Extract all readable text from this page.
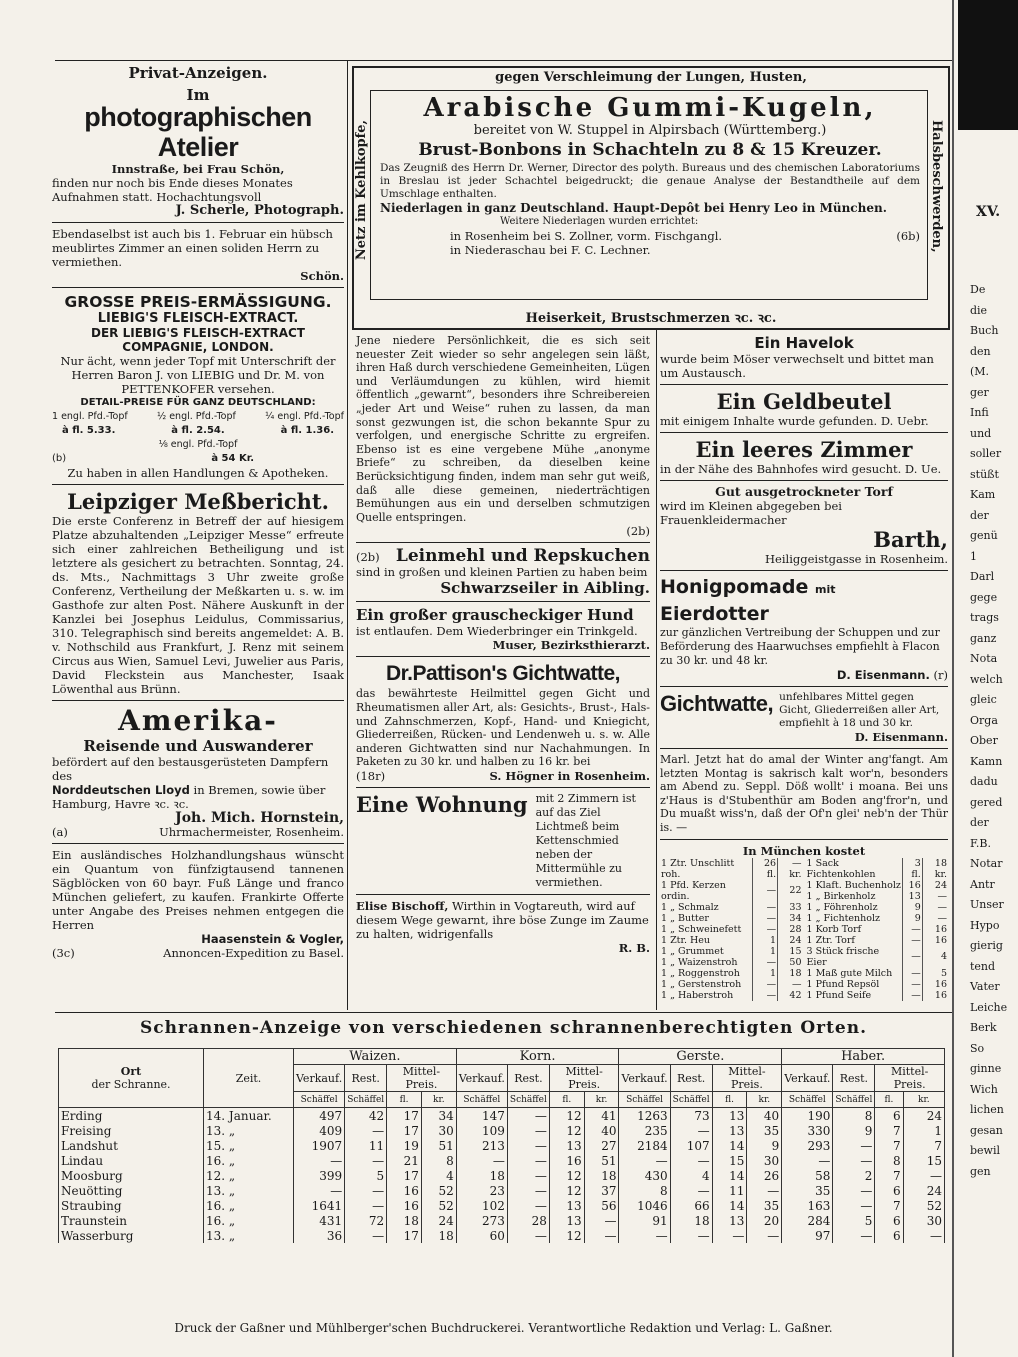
Privat-Anzeigen.

Im

photographischen Atelier

Innstraße, bei Frau Schön,

finden nur noch bis Ende dieses Monates Aufnahmen statt. Hochachtungsvoll

J. Scherle, Photograph.

Ebendaselbst ist auch bis 1. Februar ein hübsch meublirtes Zimmer an einen soliden Herrn zu vermiethen.

Schön.

GROSSE PREIS-ERMÄSSIGUNG.

LIEBIG'S FLEISCH-EXTRACT.

DER LIEBIG'S FLEISCH-EXTRACT

COMPAGNIE, LONDON.

Nur ächt, wenn jeder Topf mit Unterschrift der Herren Baron J. von LIEBIG und Dr. M. von PETTENKOFER versehen.

DETAIL-PREISE FÜR GANZ DEUTSCHLAND:

1 engl. Pfd.-Topf	½ engl. Pfd.-Topf	¼ engl. Pfd.-Topf
à fl. 5.33.	à fl. 2.54.	à fl. 1.36.

⅛ engl. Pfd.-Topf

(b)	à 54 Kr.

Zu haben in allen Handlungen & Apotheken.

Leipziger Meßbericht.

Die erste Conferenz in Betreff der auf hiesigem Platze abzuhaltenden „Leipziger Messe“ erfreute sich einer zahlreichen Betheiligung und ist letztere als gesichert zu betrachten. Sonntag, 24. ds. Mts., Nachmittags 3 Uhr zweite große Conferenz, Vertheilung der Meßkarten u. s. w. im Gasthofe zur alten Post. Nähere Auskunft in der Kanzlei bei Josephus Leidulus, Commissarius, 310. Telegraphisch sind bereits angemeldet: A. B. v. Nothschild aus Frankfurt, J. Renz mit seinem Circus aus Wien, Samuel Levi, Juwelier aus Paris, David Fleckstein aus Manchester, Isaak Löwenthal aus Brünn.

Amerika-

Reisende und Auswanderer

befördert auf den bestausgerüsteten Dampfern des

Norddeutschen Lloyd in Bremen, sowie über Hamburg, Havre ꝛc. ꝛc.

Joh. Mich. Hornstein,

(a)	Uhrmachermeister, Rosenheim.

Ein ausländisches Holzhandlungshaus wünscht ein Quantum von fünfzigtausend tannenen Sägblöcken von 60 bayr. Fuß Länge und franco München geliefert, zu kaufen. Frankirte Offerte unter Angabe des Preises nehmen entgegen die Herren

Haasenstein & Vogler,

(3c)	Annoncen-Expedition zu Basel.

gegen Verschleimung der Lungen, Husten,

Netz im Kehlkopfe,	Halsbeschwerden,

Arabische Gummi-Kugeln,

bereitet von W. Stuppel in Alpirsbach (Württemberg.)

Brust-Bonbons in Schachteln zu 8 & 15 Kreuzer.

Das Zeugniß des Herrn Dr. Werner, Director des polyth. Bureaus und des chemischen Laboratoriums in Breslau ist jeder Schachtel beigedruckt; die genaue Analyse der Bestandtheile auf dem Umschlage enthalten.

Niederlagen in ganz Deutschland. Haupt-Depôt bei Henry Leo in München.

Weitere Niederlagen wurden errichtet:

in Rosenheim bei S. Zollner, vorm. Fischgangl.	(6b)

in Niederaschau bei F. C. Lechner.

Heiserkeit, Brustschmerzen ꝛc. ꝛc.

Jene niedere Persönlichkeit, die es sich seit neuester Zeit wieder so sehr angelegen sein läßt, ihren Haß durch verschiedene Gemeinheiten, Lügen und Verläumdungen zu kühlen, wird hiemit öffentlich „gewarnt“, besonders ihre Schreibereien „jeder Art und Weise“ ruhen zu lassen, da man sonst gezwungen ist, die schon bekannte Spur zu verfolgen, und energische Schritte zu ergreifen. Ebenso ist es eine vergebene Mühe „anonyme Briefe“ zu schreiben, da dieselben keine Berücksichtigung finden, indem man sehr gut weiß, daß alle diese gemeinen, niederträchtigen Bemühungen aus ein und derselben schmutzigen Quelle entspringen.

(2b)

(2b) Leinmehl und Repskuchen

sind in großen und kleinen Partien zu haben beim

Schwarzseiler in Aibling.

Ein großer grauscheckiger Hund

ist entlaufen. Dem Wiederbringer ein Trinkgeld.

Muser, Bezirksthierarzt.

Dr.Pattison's Gichtwatte,

das bewährteste Heilmittel gegen Gicht und Rheumatismen aller Art, als: Gesichts-, Brust-, Hals- und Zahnschmerzen, Kopf-, Hand- und Kniegicht, Gliederreißen, Rücken- und Lendenweh u. s. w. Alle anderen Gichtwatten sind nur Nachahmungen. In Paketen zu 30 kr. und halben zu 16 kr. bei

(18r)	S. Högner in Rosenheim.
Eine Wohnung mit 2 Zimmern ist auf das Ziel Lichtmeß beim Kettenschmied neben der Mittermühle zu vermiethen.

Elise Bischoff, Wirthin in Vogtareuth, wird auf diesem Wege gewarnt, ihre böse Zunge im Zaume zu halten, widrigenfalls

R. B.

Ein Havelok

wurde beim Möser verwechselt und bittet man um Austausch.

Ein Geldbeutel

mit einigem Inhalte wurde gefunden. D. Uebr.

Ein leeres Zimmer

in der Nähe des Bahnhofes wird gesucht. D. Ue.

Gut ausgetrockneter Torf

wird im Kleinen abgegeben bei Frauenkleidermacher

Barth,

Heiliggeistgasse in Rosenheim.

Honigpomade mit Eierdotter

zur gänzlichen Vertreibung der Schuppen und zur Beförderung des Haarwuchses empfiehlt à Flacon zu 30 kr. und 48 kr.

D. Eisenmann. (r)
Gichtwatte, unfehlbares Mittel gegen Gicht, Gliederreißen aller Art, empfiehlt à 18 und 30 kr.

D. Eisenmann.

Marl. Jetzt hat do amal der Winter ang'fangt. Am letzten Montag is sakrisch kalt wor'n, besonders am Abend zu. Seppl. Döß wollt' i moana. Bei uns z'Haus is d'Stubenthür am Boden ang'fror'n, und Du muaßt wiss'n, daß der Of'n glei' neb'n der Thür is. —

In München kostet

1 Ztr. Unschlitt roh.	26 fl.	— kr.
1 Pfd. Kerzen ordin.	—	22
1 „ Schmalz	—	33
1 „ Butter	—	34
1 „ Schweinefett	—	28
1 Ztr. Heu	1	24
1 „ Grummet	1	15
1 „ Waizenstroh	—	50
1 „ Roggenstroh	1	18
1 „ Gerstenstroh	—	—
1 „ Haberstroh	—	42
1 Sack Fichtenkohlen	3 fl.	18 kr.
1 Klaft. Buchenholz	16	24
1 „ Birkenholz	13	—
1 „ Föhrenholz	9	—
1 „ Fichtenholz	9	—
1 Korb Torf	—	16
1 Ztr. Torf	—	16
3 Stück frische Eier	—	4
1 Maß gute Milch	—	5
1 Pfund Repsöl	—	16
1 Pfund Seife	—	16

XV.

De

die

Buch

den

(M.

ger

Infi

und

soller

stüßt

Kam

der

genü

1

Darl

gege

trags

ganz

Nota

welch

gleic

Orga

Ober

Kamn

dadu

gered

der

F.B.

Notar

Antr

Unser

Hypo

gierig

tend

Vater

Leiche

Berk

So

ginne

Wich

lichen

gesan

bewil

gen

Schrannen-Anzeige von verschiedenen schrannenberechtigten Orten.

Ort
der Schranne.	Zeit.	Waizen.				Korn.				Gerste.				Haber.			
		Verkauf.	Rest.	Mittel-Preis.		Verkauf.	Rest.	Mittel-Preis.		Verkauf.	Rest.	Mittel-Preis.		Verkauf.	Rest.	Mittel-Preis.	
		Schäffel	Schäffel	fl.	kr.	Schäffel	Schäffel	fl.	kr.	Schäffel	Schäffel	fl.	kr.	Schäffel	Schäffel	fl.	kr.
Erding	14. Januar.	497	42	17	34	147	—	12	41	1263	73	13	40	190	8	6	24
Freising	13. „	409	—	17	30	109	—	12	40	235	—	13	35	330	9	7	1
Landshut	15. „	1907	11	19	51	213	—	13	27	2184	107	14	9	293	—	7	7
Lindau	16. „	—	—	21	8	—	—	16	51	—	—	15	30	—	—	8	15
Moosburg	12. „	399	5	17	4	18	—	12	18	430	4	14	26	58	2	7	—
Neuötting	13. „	—	—	16	52	23	—	12	37	8	—	11	—	35	—	6	24
Straubing	16. „	1641	—	16	52	102	—	13	56	1046	66	14	35	163	—	7	52
Traunstein	16. „	431	72	18	24	273	28	13	—	91	18	13	20	284	5	6	30
Wasserburg	13. „	36	—	17	18	60	—	12	—	—	—	—	—	97	—	6	—

Druck der Gaßner und Mühlberger'schen Buchdruckerei. Verantwortliche Redaktion und Verlag: L. Gaßner.
